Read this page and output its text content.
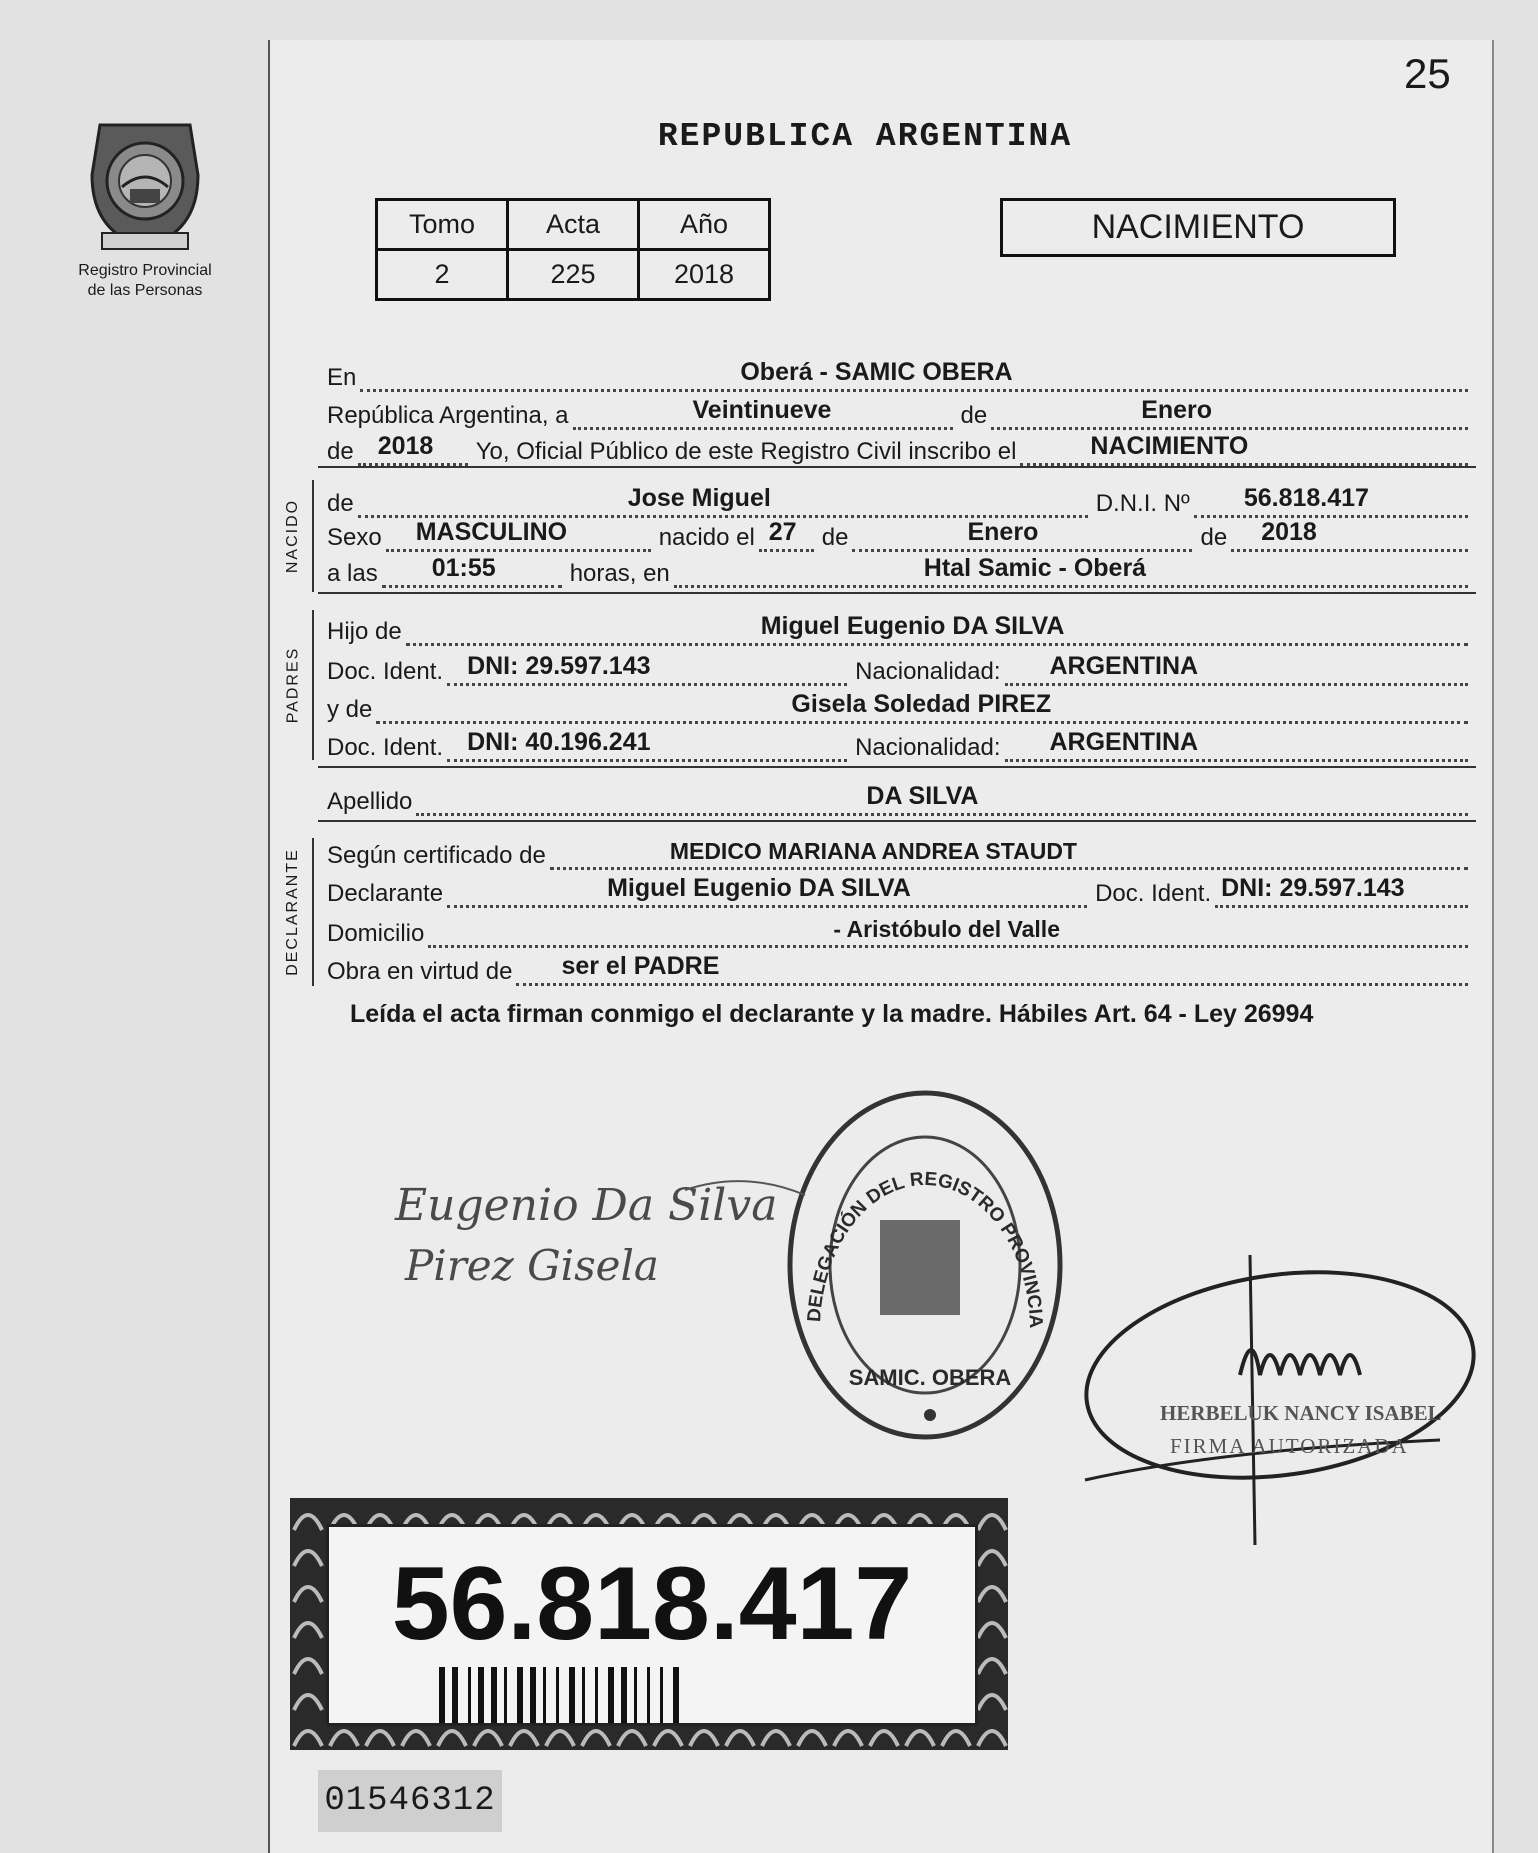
25
Registro Provincial
de las Personas
REPUBLICA ARGENTINA
Tomo	Acta	Año
2	225	2018
NACIMIENTO
En	Oberá - SAMIC OBERA
República Argentina, a	Veintinueve	de	Enero
de 2018 Yo, Oficial Público de este Registro Civil inscribo el	NACIMIENTO
NACIDO de	Jose Miguel	D.N.I. Nº 56.818.417
Sexo MASCULINO	nacido el 27 de	Enero	de 2018
a las 01:55	horas, en	Htal Samic - Oberá
PADRES
Hijo de	Miguel Eugenio DA SILVA
Doc. Ident. DNI: 29.597.143	Nacionalidad: ARGENTINA
y de	Gisela Soledad PIREZ
Doc. Ident. DNI: 40.196.241	Nacionalidad: ARGENTINA
Apellido	DA SILVA
DECLARANTE Según certificado de	MEDICO MARIANA ANDREA STAUDT
Declarante	Miguel Eugenio DA SILVA	Doc. Ident. DNI: 29.597.143
Domicilio	- Aristóbulo del Valle
Obra en virtud de ser el PADRE
Leída el acta firman conmigo el declarante y la madre. Hábiles Art. 64 - Ley 26994
DELEGACIÓN DEL REGISTRO PROVINCIA
SAMIC. OBERA
Eugenio Da Silva
Pirez Gisela
HERBELUK NANCY ISABEL
FIRMA AUTORIZADA
56.818.417
01546312
